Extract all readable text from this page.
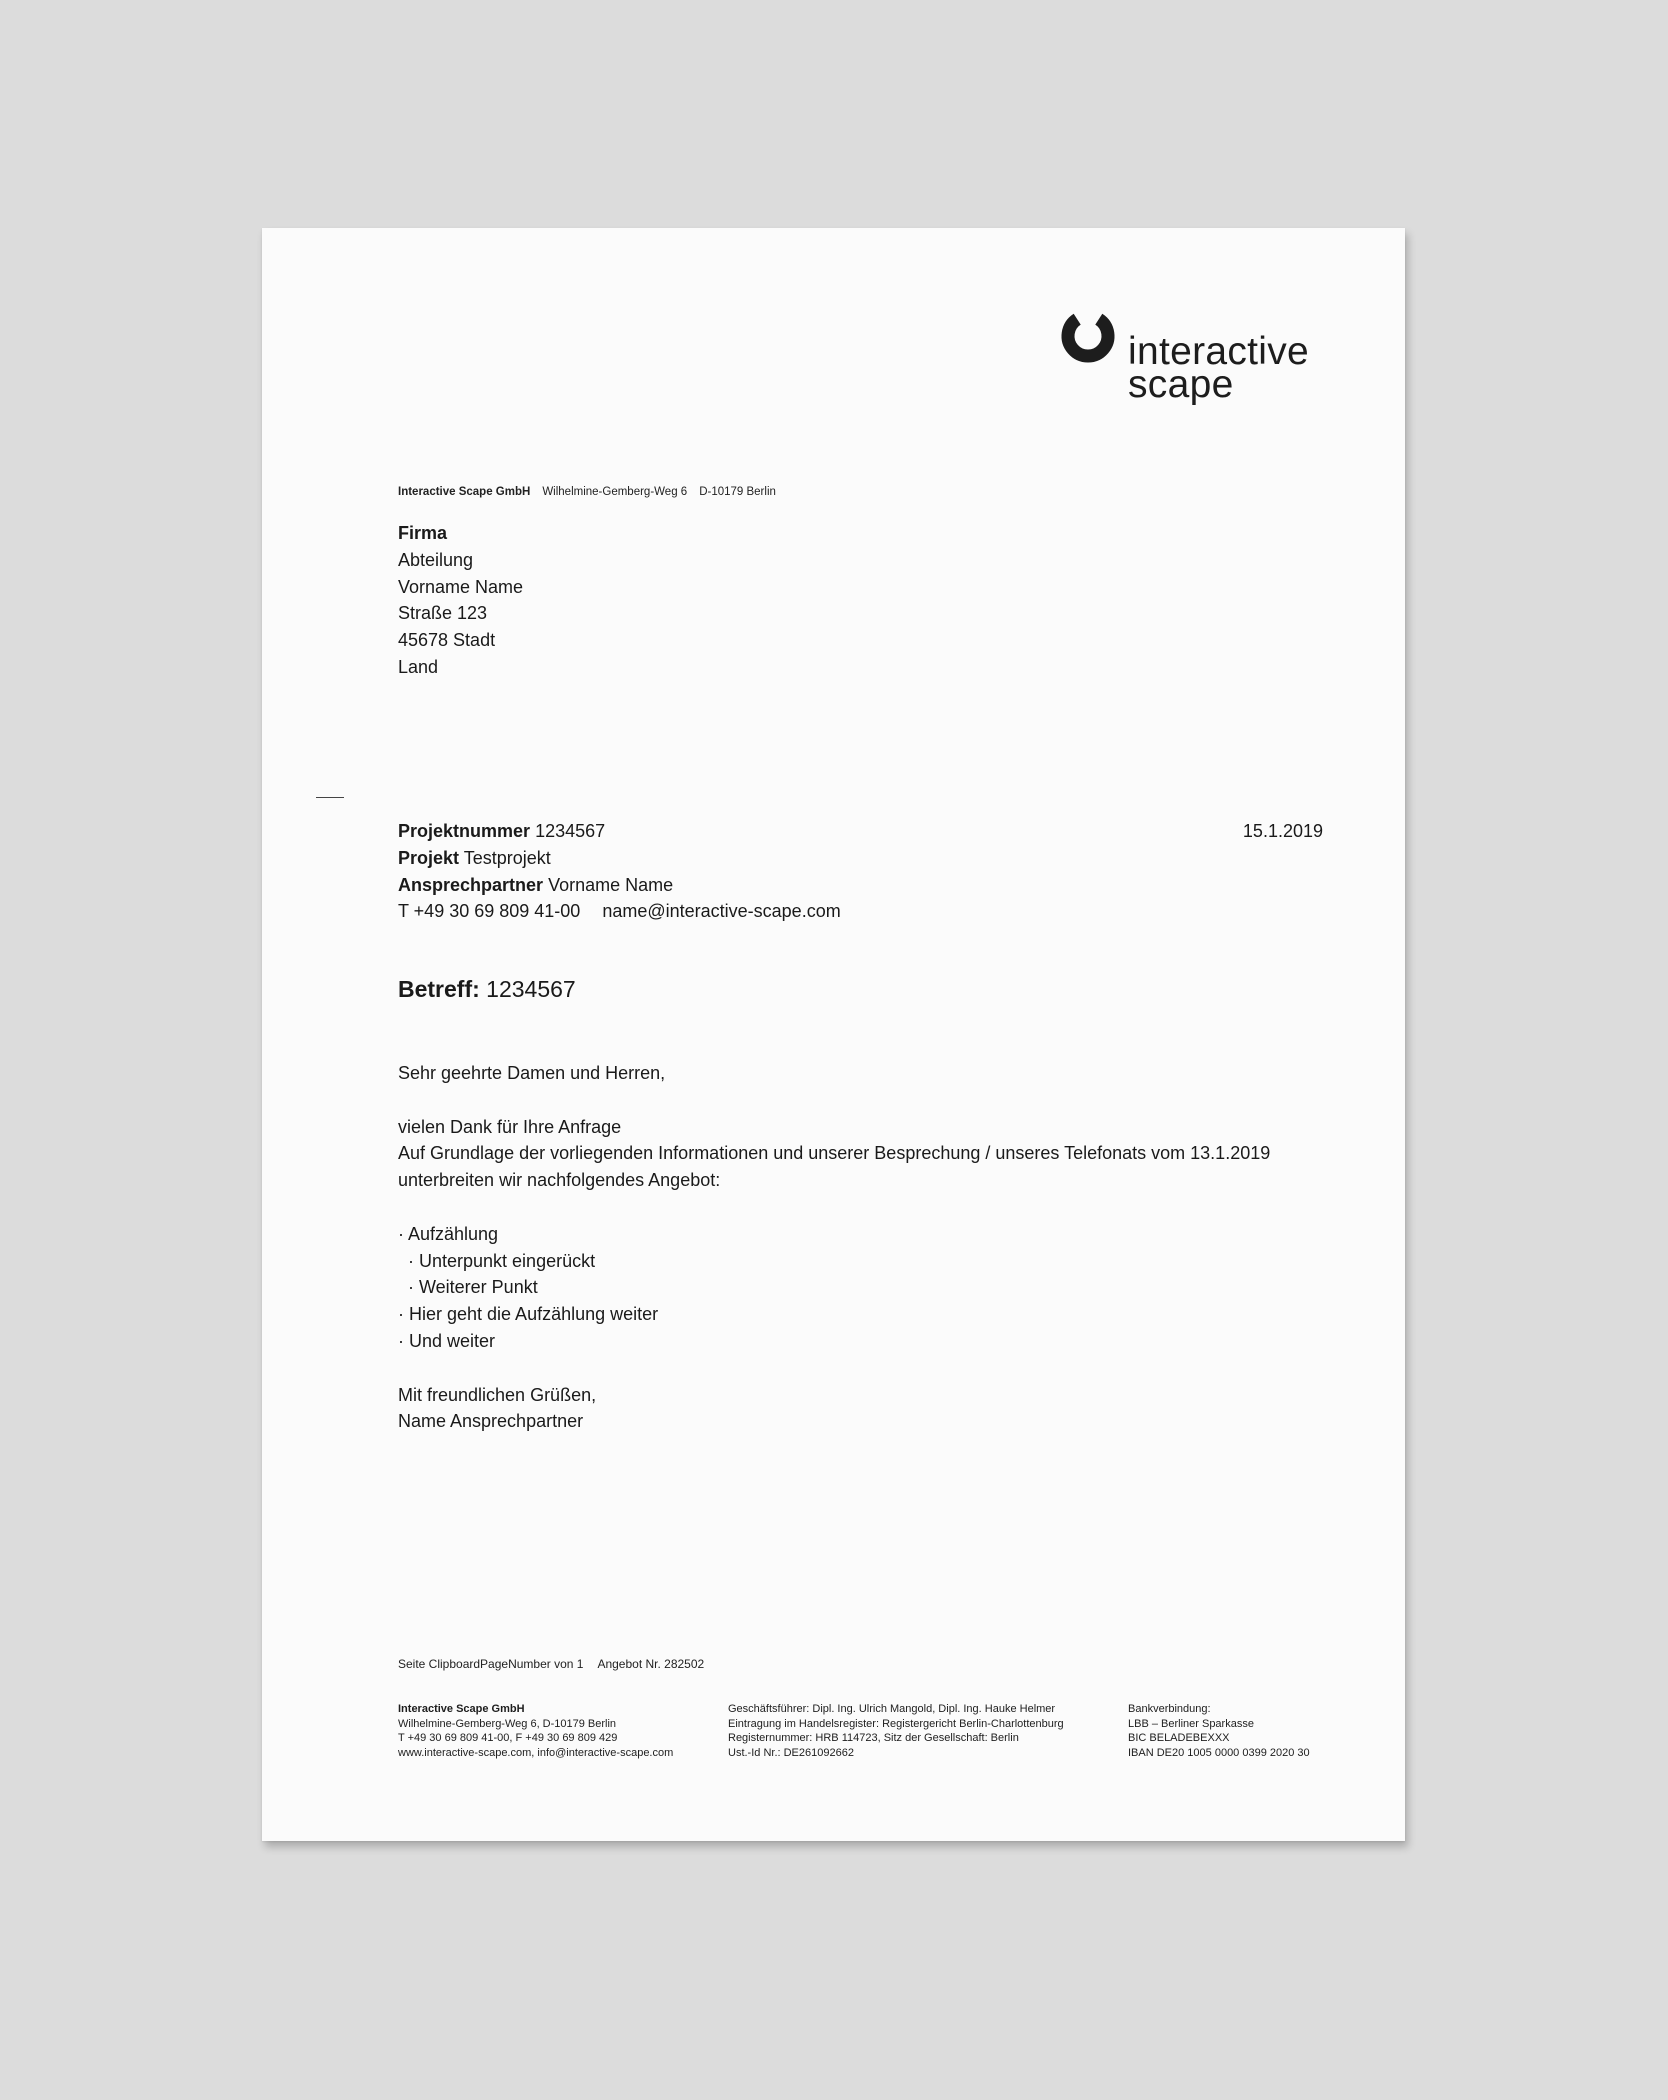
interactive
scape
Interactive Scape GmbH Wilhelmine-Gemberg-Weg 6 D-10179 Berlin
Firma
Abteilung
Vorname Name
Straße 123
45678 Stadt
Land
Projektnummer 1234567
Projekt Testprojekt
Ansprechpartner Vorname Name
T +49 30 69 809 41-00 name@interactive-scape.com
15.1.2019
Betreff: 1234567
Sehr geehrte Damen und Herren,
vielen Dank für Ihre Anfrage
Auf Grundlage der vorliegenden Informationen und unserer Besprechung / unseres Telefonats vom 13.1.2019
unterbreiten wir nachfolgendes Angebot:
· Aufzählung
· Unterpunkt eingerückt
· Weiterer Punkt
· Hier geht die Aufzählung weiter
· Und weiter
Mit freundlichen Grüßen,
Name Ansprechpartner
Seite ClipboardPageNumber von 1 Angebot Nr. 282502
Interactive Scape GmbH
Wilhelmine-Gemberg-Weg 6, D-10179 Berlin
T +49 30 69 809 41-00, F +49 30 69 809 429
www.interactive-scape.com, info@interactive-scape.com
Geschäftsführer: Dipl. Ing. Ulrich Mangold, Dipl. Ing. Hauke Helmer
Eintragung im Handelsregister: Registergericht Berlin-Charlottenburg
Registernummer: HRB 114723, Sitz der Gesellschaft: Berlin
Ust.-Id Nr.: DE261092662
Bankverbindung:
LBB – Berliner Sparkasse
BIC BELADEBEXXX
IBAN DE20 1005 0000 0399 2020 30
